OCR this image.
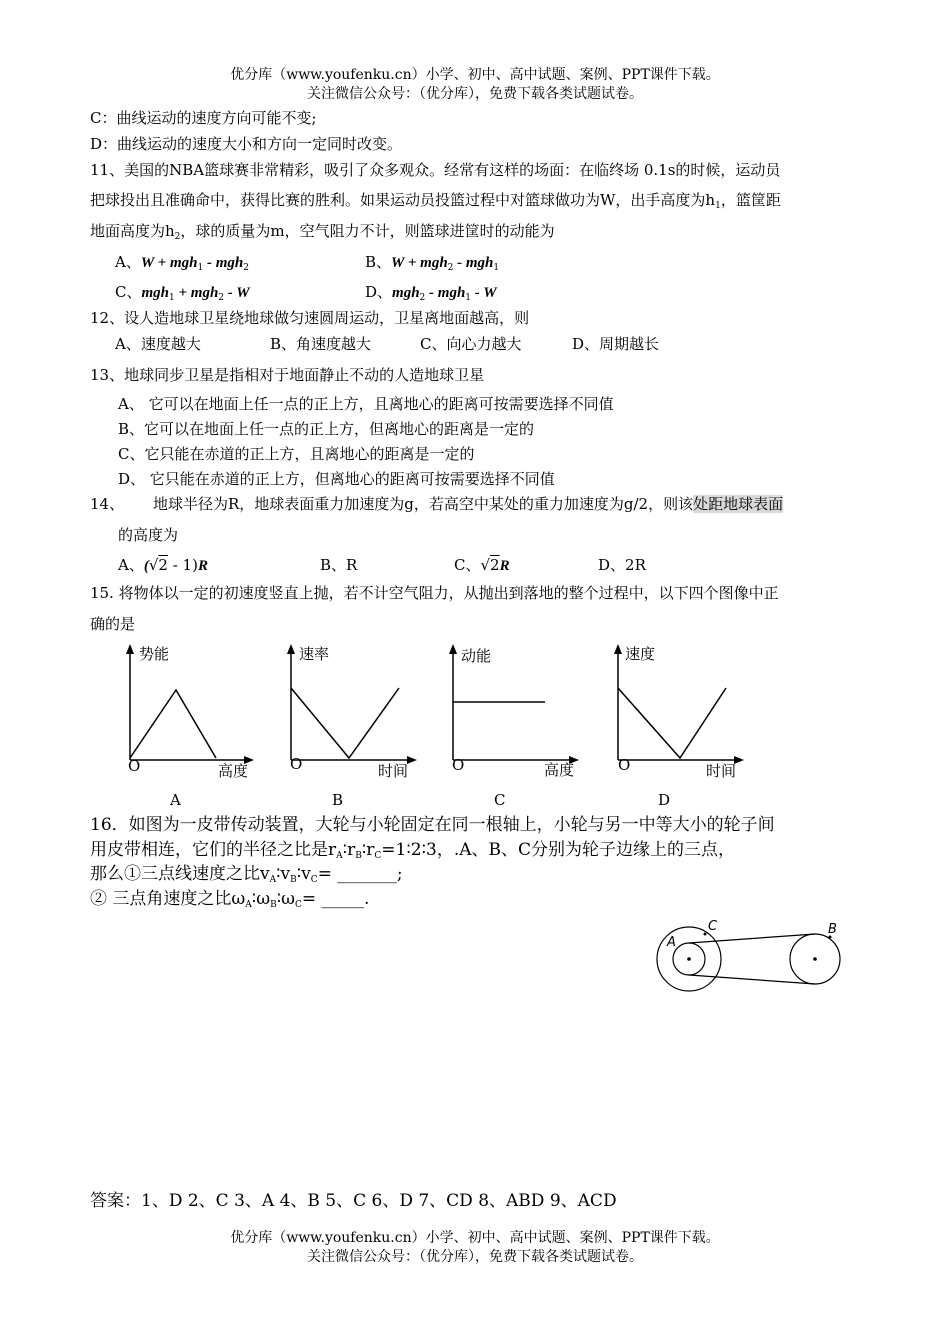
优分库（www.youfenku.cn）小学、初中、高中试题、案例、PPT课件下载。
关注微信公众号：（优分库），免费下载各类试题试卷。
C：曲线运动的速度方向可能不变;
D：曲线运动的速度大小和方向一定同时改变。
11、美国的NBA篮球赛非常精彩，吸引了众多观众。经常有这样的场面：在临终场 0.1s的时候，运动员
把球投出且准确命中，获得比赛的胜利。如果运动员投篮过程中对篮球做功为W，出手高度为$h_1$，篮筐距
地面高度为$h_2$，球的质量为m，空气阻力不计，则篮球进筐时的动能为
A、W + mgh$_1$ - mgh$_2$	B、W + mgh$_2$ - mgh$_1$
C、mgh$_1$ + mgh$_2$ - W	D、mgh$_2$ - mgh$_1$ - W
12、设人造地球卫星绕地球做匀速圆周运动，卫星离地面越高，则
A、速度越大	B、角速度越大	C、向心力越大	D、周期越长
13、地球同步卫星是指相对于地面静止不动的人造地球卫星
A、 它可以在地面上任一点的正上方，且离地心的距离可按需要选择不同值
B、它可以在地面上任一点的正上方，但离地心的距离是一定的
C、它只能在赤道的正上方，且离地心的距离是一定的
D、 它只能在赤道的正上方，但离地心的距离可按需要选择不同值
14、 地球半径为R，地球表面重力加速度为g，若高空中某处的重力加速度为g/2，则该处距地球表面
的高度为
A、(√2 - 1)R	B、R	C、√2R	D、2R
15. 将物体以一定的初速度竖直上抛，若不计空气阻力，从抛出到落地的整个过程中，以下四个图像中正
确的是
势能
O	高度
A
速率
O	时间
B
动能
O	高度
C
速度
O	时间
D
16．如图为一皮带传动装置，大轮与小轮固定在同一根轴上，小轮与另一中等大小的轮子间
用皮带相连，它们的半径之比是$r_A∶r_B∶r_C=1∶2∶3$，.A、B、C分别为轮子边缘上的三点，
那么①三点线速度之比$v_A∶v_B∶v_C=$ _______;
② 三点角速度之比$\omega_A∶\omega_B∶\omega_C=$ _____.
A
C	B
答案：1、D 2、C 3、A 4、B 5、C 6、D 7、CD 8、ABD 9、ACD
优分库（www.youfenku.cn）小学、初中、高中试题、案例、PPT课件下载。
关注微信公众号：（优分库），免费下载各类试题试卷。
